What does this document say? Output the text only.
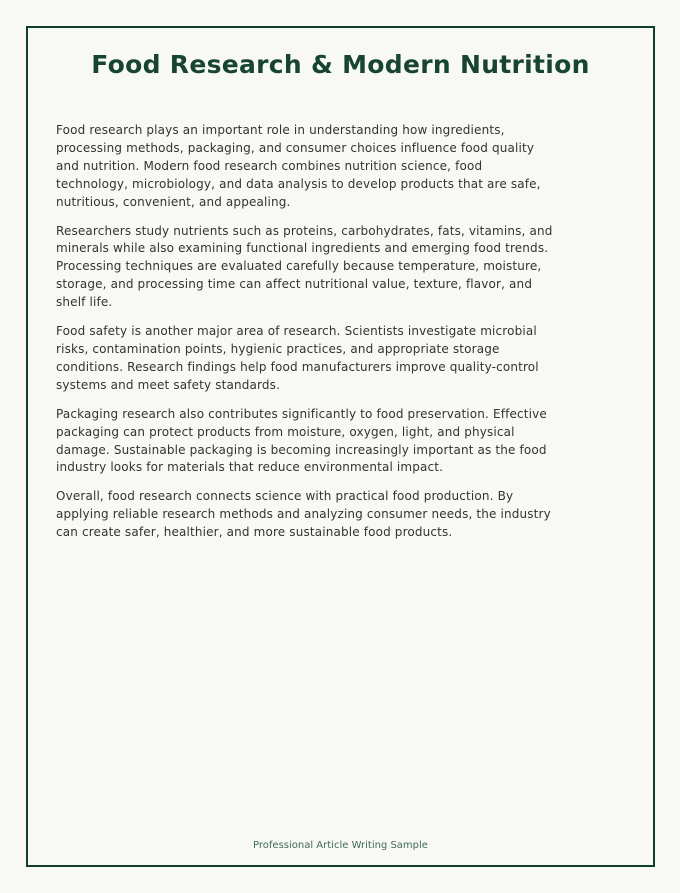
Food Research & Modern Nutrition

Food research plays an important role in understanding how ingredients, processing methods, packaging, and consumer choices influence food quality and nutrition. Modern food research combines nutrition science, food technology, microbiology, and data analysis to develop products that are safe, nutritious, convenient, and appealing.

Researchers study nutrients such as proteins, carbohydrates, fats, vitamins, and minerals while also examining functional ingredients and emerging food trends. Processing techniques are evaluated carefully because temperature, moisture, storage, and processing time can affect nutritional value, texture, flavor, and shelf life.

Food safety is another major area of research. Scientists investigate microbial risks, contamination points, hygienic practices, and appropriate storage conditions. Research findings help food manufacturers improve quality-control systems and meet safety standards.

Packaging research also contributes significantly to food preservation. Effective packaging can protect products from moisture, oxygen, light, and physical damage. Sustainable packaging is becoming increasingly important as the food industry looks for materials that reduce environmental impact.

Overall, food research connects science with practical food production. By applying reliable research methods and analyzing consumer needs, the industry can create safer, healthier, and more sustainable food products.

Professional Article Writing Sample
